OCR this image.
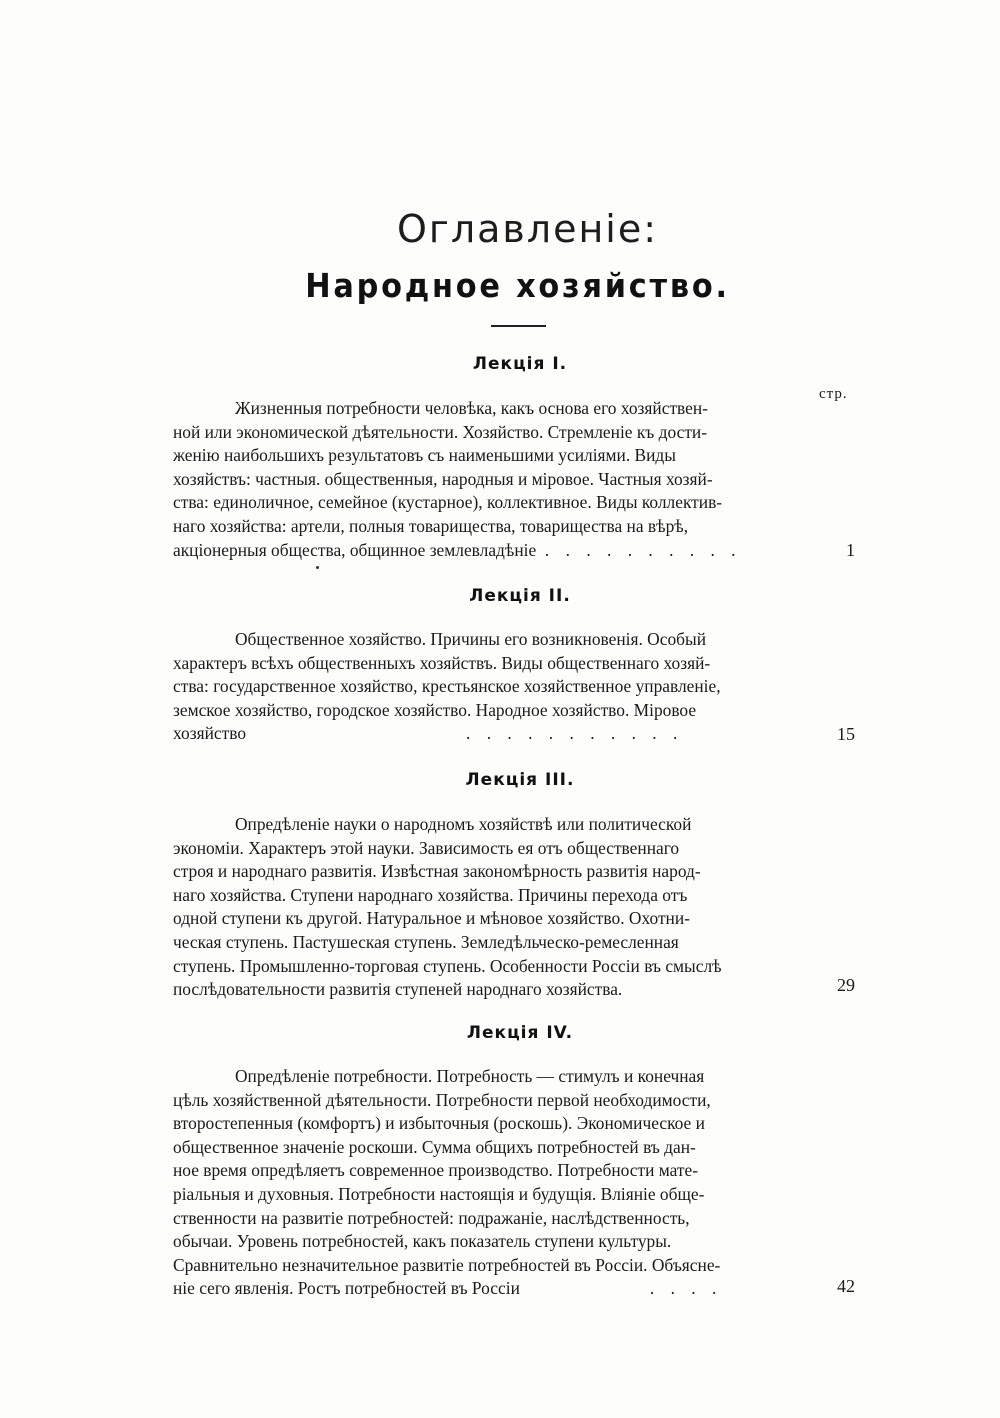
Оглавленіе:
Народное хозяйство.
стр.
Лекція I.

Жизненныя потребности человѣка, какъ основа его хозяйствен-

ной или экономической дѣятельности. Хозяйство. Стремленіе къ дости-

женію наибольшихъ результатовъ съ наименьшими усиліями. Виды

хозяйствъ: частныя. общественныя, народныя и міровое. Частныя хозяй-

ства: единоличное, семейное (кустарное), коллективное. Виды коллектив-

наго хозяйства: артели, полныя товарищества, товарищества на вѣрѣ,

акціонерныя общества, общинное землевладѣніе . . . . . . . . . .	1
Лекція II.

Общественное хозяйство. Причины его возникновенія. Особый

характеръ всѣхъ общественныхъ хозяйствъ. Виды общественнаго хозяй-

ства: государственное хозяйство, крестьянское хозяйственное управленіе,

земское хозяйство, городское хозяйство. Народное хозяйство. Міровое

хозяйство	. . . . . . . . . . .	15
Лекція III.

Опредѣленіе науки о народномъ хозяйствѣ или политической

экономіи. Характеръ этой науки. Зависимость ея отъ общественнаго

строя и народнаго развитія. Извѣстная закономѣрность развитія народ-

наго хозяйства. Ступени народнаго хозяйства. Причины перехода отъ

одной ступени къ другой. Натуральное и мѣновое хозяйство. Охотни-

ческая ступень. Пастушеская ступень. Земледѣльческо-ремесленная

ступень. Промышленно-торговая ступень. Особенности Россіи въ смыслѣ

послѣдовательности развитія ступеней народнаго хозяйства.	29
Лекція IV.

Опредѣленіе потребности. Потребность — стимулъ и конечная

цѣль хозяйственной дѣятельности. Потребности первой необходимости,

второстепенныя (комфортъ) и избыточныя (роскошь). Экономическое и

общественное значеніе роскоши. Сумма общихъ потребностей въ дан-

ное время опредѣляетъ современное производство. Потребности мате-

ріальныя и духовныя. Потребности настоящія и будущія. Вліяніе обще-

ственности на развитіе потребностей: подражаніе, наслѣдственность,

обычаи. Уровень потребностей, какъ показатель ступени культуры.

Сравнительно незначительное развитіе потребностей въ Россіи. Объясне-

ніе сего явленія. Ростъ потребностей въ Россіи	. . . .	42
